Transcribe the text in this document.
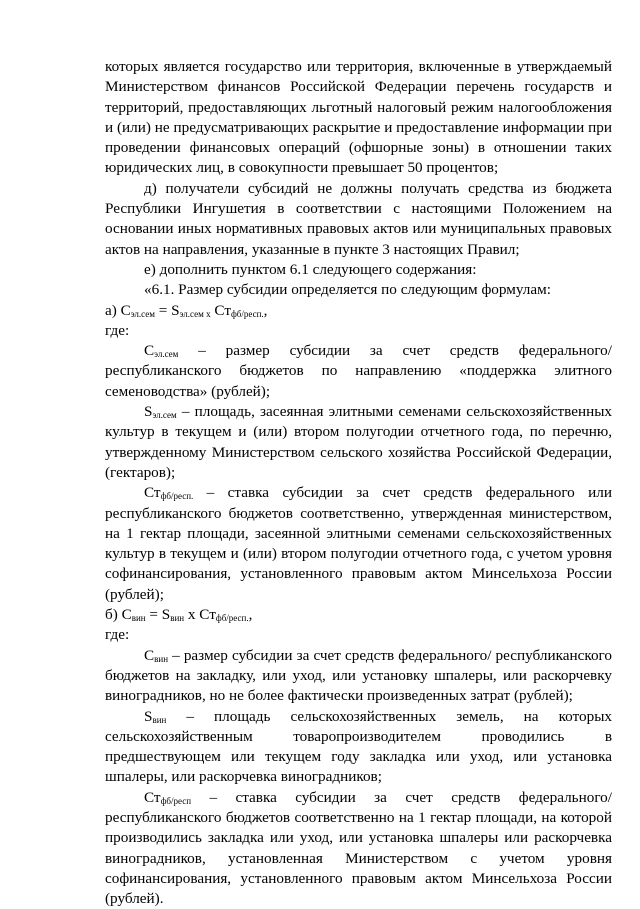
которых является государство или территория, включенные в утверждаемый Министерством финансов Российской Федерации перечень государств и территорий, предоставляющих льготный налоговый режим налогообложения и (или) не предусматривающих раскрытие и предоставление информации при проведении финансовых операций (офшорные зоны) в отношении таких юридических лиц, в совокупности превышает 50 процентов;

д) получатели субсидий не должны получать средства из бюджета Республики Ингушетия в соответствии с настоящими Положением на основании иных нормативных правовых актов или муниципальных правовых актов на направления, указанные в пункте 3 настоящих Правил;

е) дополнить пунктом 6.1 следующего содержания:

«6.1. Размер субсидии определяется по следующим формулам:

а) $С_{эл.сем} = S_{эл.сем х}$ $Ст_{фб/респ.}$,

где:

$С_{эл.сем}$ – размер субсидии за счет средств федерального/ республиканского бюджетов по направлению «поддержка элитного семеноводства» (рублей);

$S_{эл.сем}$ – площадь, засеянная элитными семенами сельскохозяйственных культур в текущем и (или) втором полугодии отчетного года, по перечню, утвержденному Министерством сельского хозяйства Российской Федерации, (гектаров);

$Ст_{фб/респ.}$ – ставка субсидии за счет средств федерального или республиканского бюджетов соответственно, утвержденная министерством, на 1 гектар площади, засеянной элитными семенами сельскохозяйственных культур в текущем и (или) втором полугодии отчетного года, с учетом уровня софинансирования, установленного правовым актом Минсельхоза России (рублей);

б) $С_{вин} = S_{вин}$ х $Ст_{фб/респ.}$,

где:

$С_{вин}$ – размер субсидии за счет средств федерального/ республиканского бюджетов на закладку, или уход, или установку шпалеры, или раскорчевку виноградников, но не более фактически произведенных затрат (рублей);

$S_{вин}$ – площадь сельскохозяйственных земель, на которых сельскохозяйственным товаропроизводителем проводились в предшествующем или текущем году закладка или уход, или установка шпалеры, или раскорчевка виноградников;

$Ст_{фб/респ}$ – ставка субсидии за счет средств федерального/республиканского бюджетов соответственно на 1 гектар площади, на которой производились закладка или уход, или установка шпалеры или раскорчевка виноградников, установленная Министерством с учетом уровня софинансирования, установленного правовым актом Минсельхоза России (рублей).
